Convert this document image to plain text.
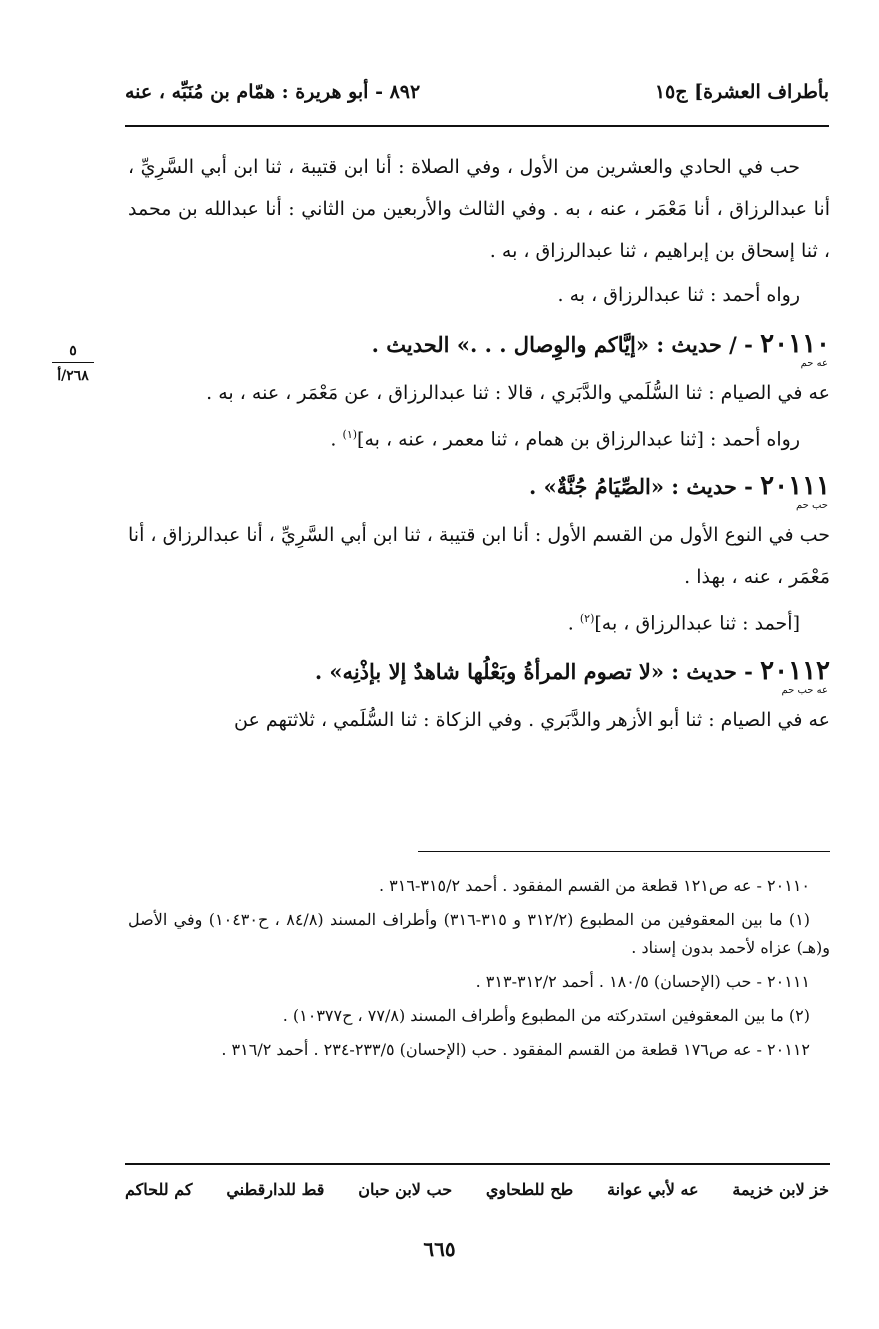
بأطراف العشرة] ج١٥
٨٩٢ - أبو هريرة : همّام بن مُنَبِّه ، عنه
٥
٢٦٨/أ

حب في الحادي والعشرين من الأول ، وفي الصلاة : أنا ابن قتيبة ، ثنا ابن أبي السَّرِيِّ ، أنا عبدالرزاق ، أنا مَعْمَر ، عنه ، به . وفي الثالث والأربعين من الثاني : أنا عبدالله بن محمد ، ثنا إسحاق بن إبراهيم ، ثنا عبدالرزاق ، به .

رواه أحمد : ثنا عبدالرزاق ، به .

٢٠١١٠
عه حم
- / حديث : «إيَّاكم والوِصال . . .» الحديث .

عه في الصيام : ثنا السُّلَمي والدَّبَري ، قالا : ثنا عبدالرزاق ، عن مَعْمَر ، عنه ، به .

رواه أحمد : [ثنا عبدالرزاق بن همام ، ثنا معمر ، عنه ، به]$^{(١)}$ .

٢٠١١١
حب حم
- حديث : «الصِّيَامُ جُنَّةٌ» .

حب في النوع الأول من القسم الأول : أنا ابن قتيبة ، ثنا ابن أبي السَّرِيِّ ، أنا عبدالرزاق ، أنا مَعْمَر ، عنه ، بهذا .

[أحمد : ثنا عبدالرزاق ، به]$^{(٢)}$ .

٢٠١١٢
عه حب حم
- حديث : «لا تصوم المرأةُ وبَعْلُها شاهدٌ إلا بإذْنِه» .

عه في الصيام : ثنا أبو الأزهر والدَّبَري . وفي الزكاة : ثنا السُّلَمي ، ثلاثتهم عن

٢٠١١٠ - عه ص١٢١ قطعة من القسم المفقود . أحمد ٣١٥/٢-٣١٦ .

(١) ما بين المعقوفين من المطبوع (٣١٢/٢ و ٣١٥-٣١٦) وأطراف المسند (٨٤/٨ ، ح١٠٤٣٠) وفي الأصل و(هـ) عزاه لأحمد بدون إسناد .

٢٠١١١ - حب (الإحسان) ١٨٠/٥ . أحمد ٣١٢/٢-٣١٣ .

(٢) ما بين المعقوفين استدركته من المطبوع وأطراف المسند (٧٧/٨ ، ح١٠٣٧٧) .

٢٠١١٢ - عه ص١٧٦ قطعة من القسم المفقود . حب (الإحسان) ٢٣٣/٥-٢٣٤ . أحمد ٣١٦/٢ .

خز لابن خزيمة
عه لأبي عوانة
طح للطحاوي
حب لابن حبان
قط للدارقطني
كم للحاكم
٦٦٥
